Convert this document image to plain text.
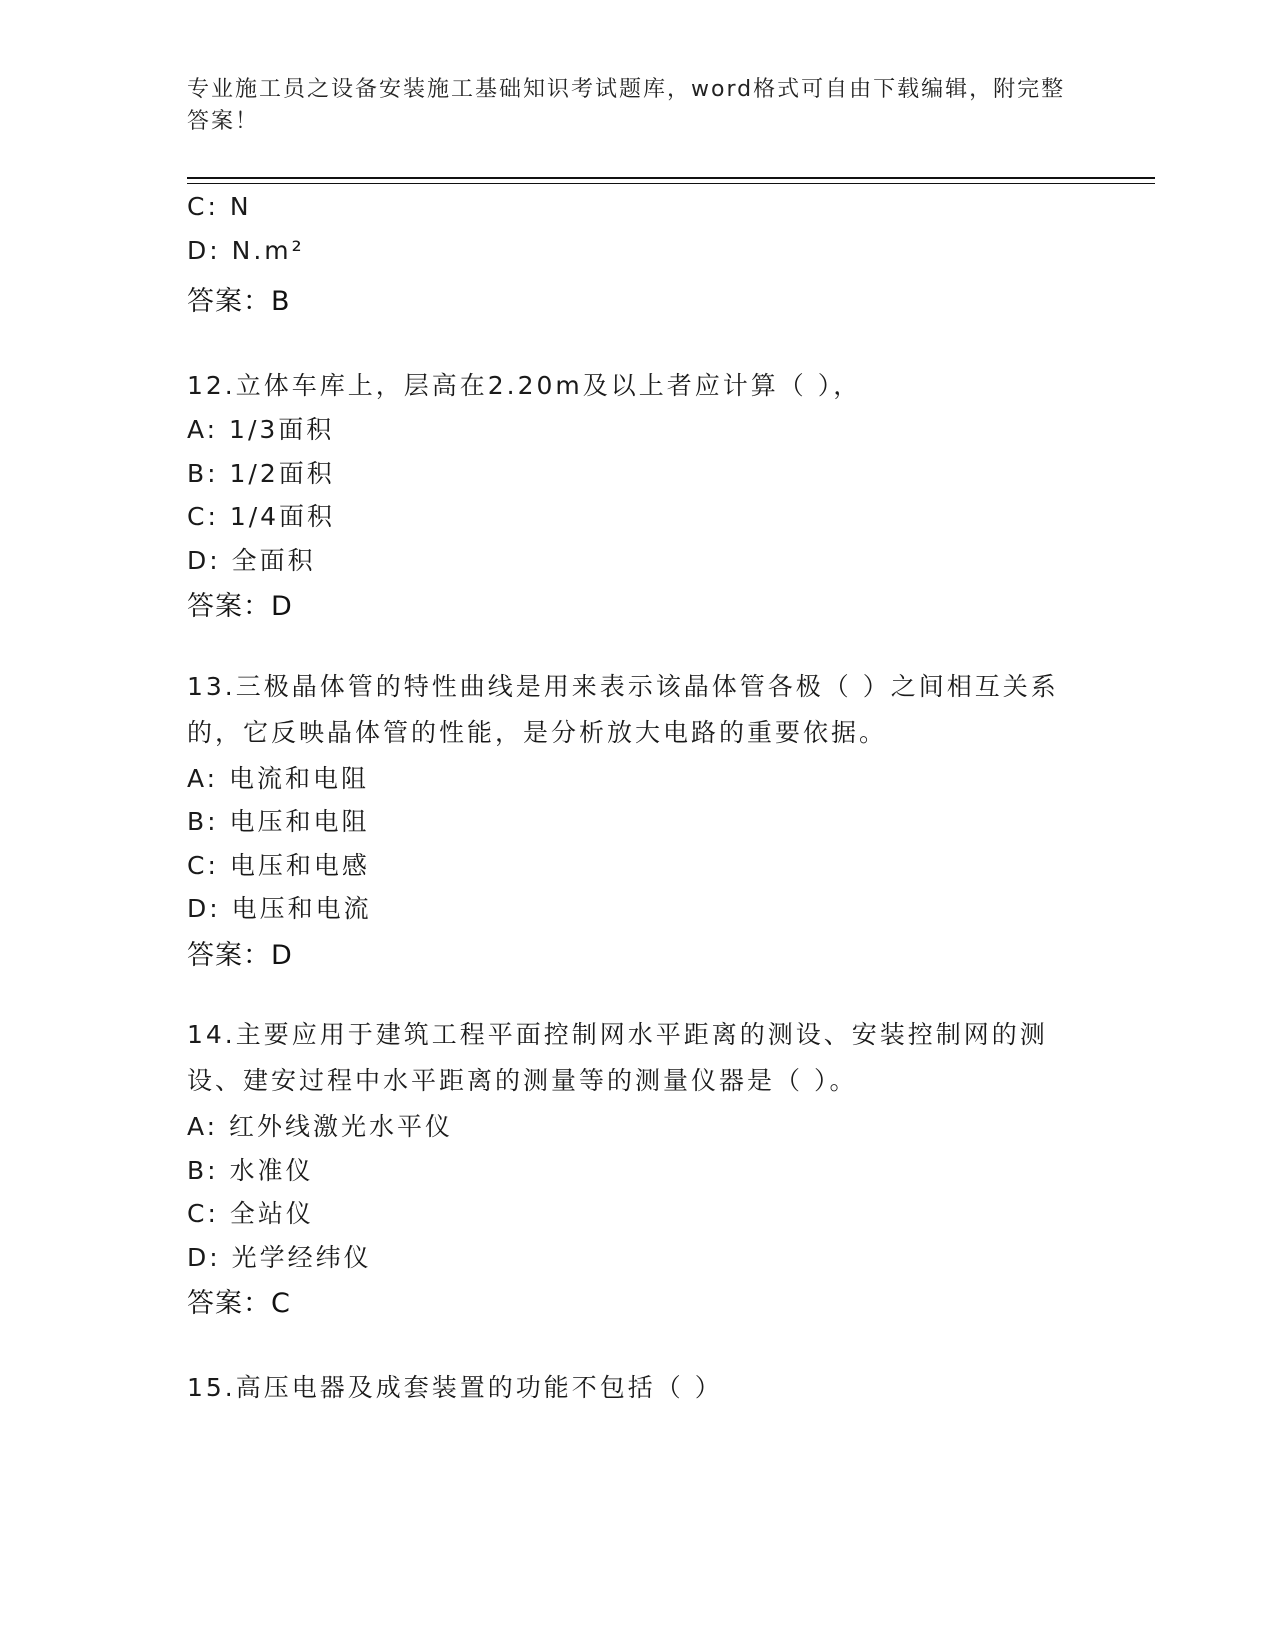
专业施工员之设备安装施工基础知识考试题库，word格式可自由下载编辑，附完整答案！
C: N
D: N.m²
答案：B
12.立体车库上，层高在2.20m及以上者应计算（ ），
A: 1/3面积
B: 1/2面积
C: 1/4面积
D: 全面积
答案：D
13.三极晶体管的特性曲线是用来表示该晶体管各极（ ）之间相互关系的，它反映晶体管的性能，是分析放大电路的重要依据。
A: 电流和电阻
B: 电压和电阻
C: 电压和电感
D: 电压和电流
答案：D
14.主要应用于建筑工程平面控制网水平距离的测设、安装控制网的测设、建安过程中水平距离的测量等的测量仪器是（ ）。
A: 红外线激光水平仪
B: 水准仪
C: 全站仪
D: 光学经纬仪
答案：C
15.高压电器及成套装置的功能不包括（ ）
